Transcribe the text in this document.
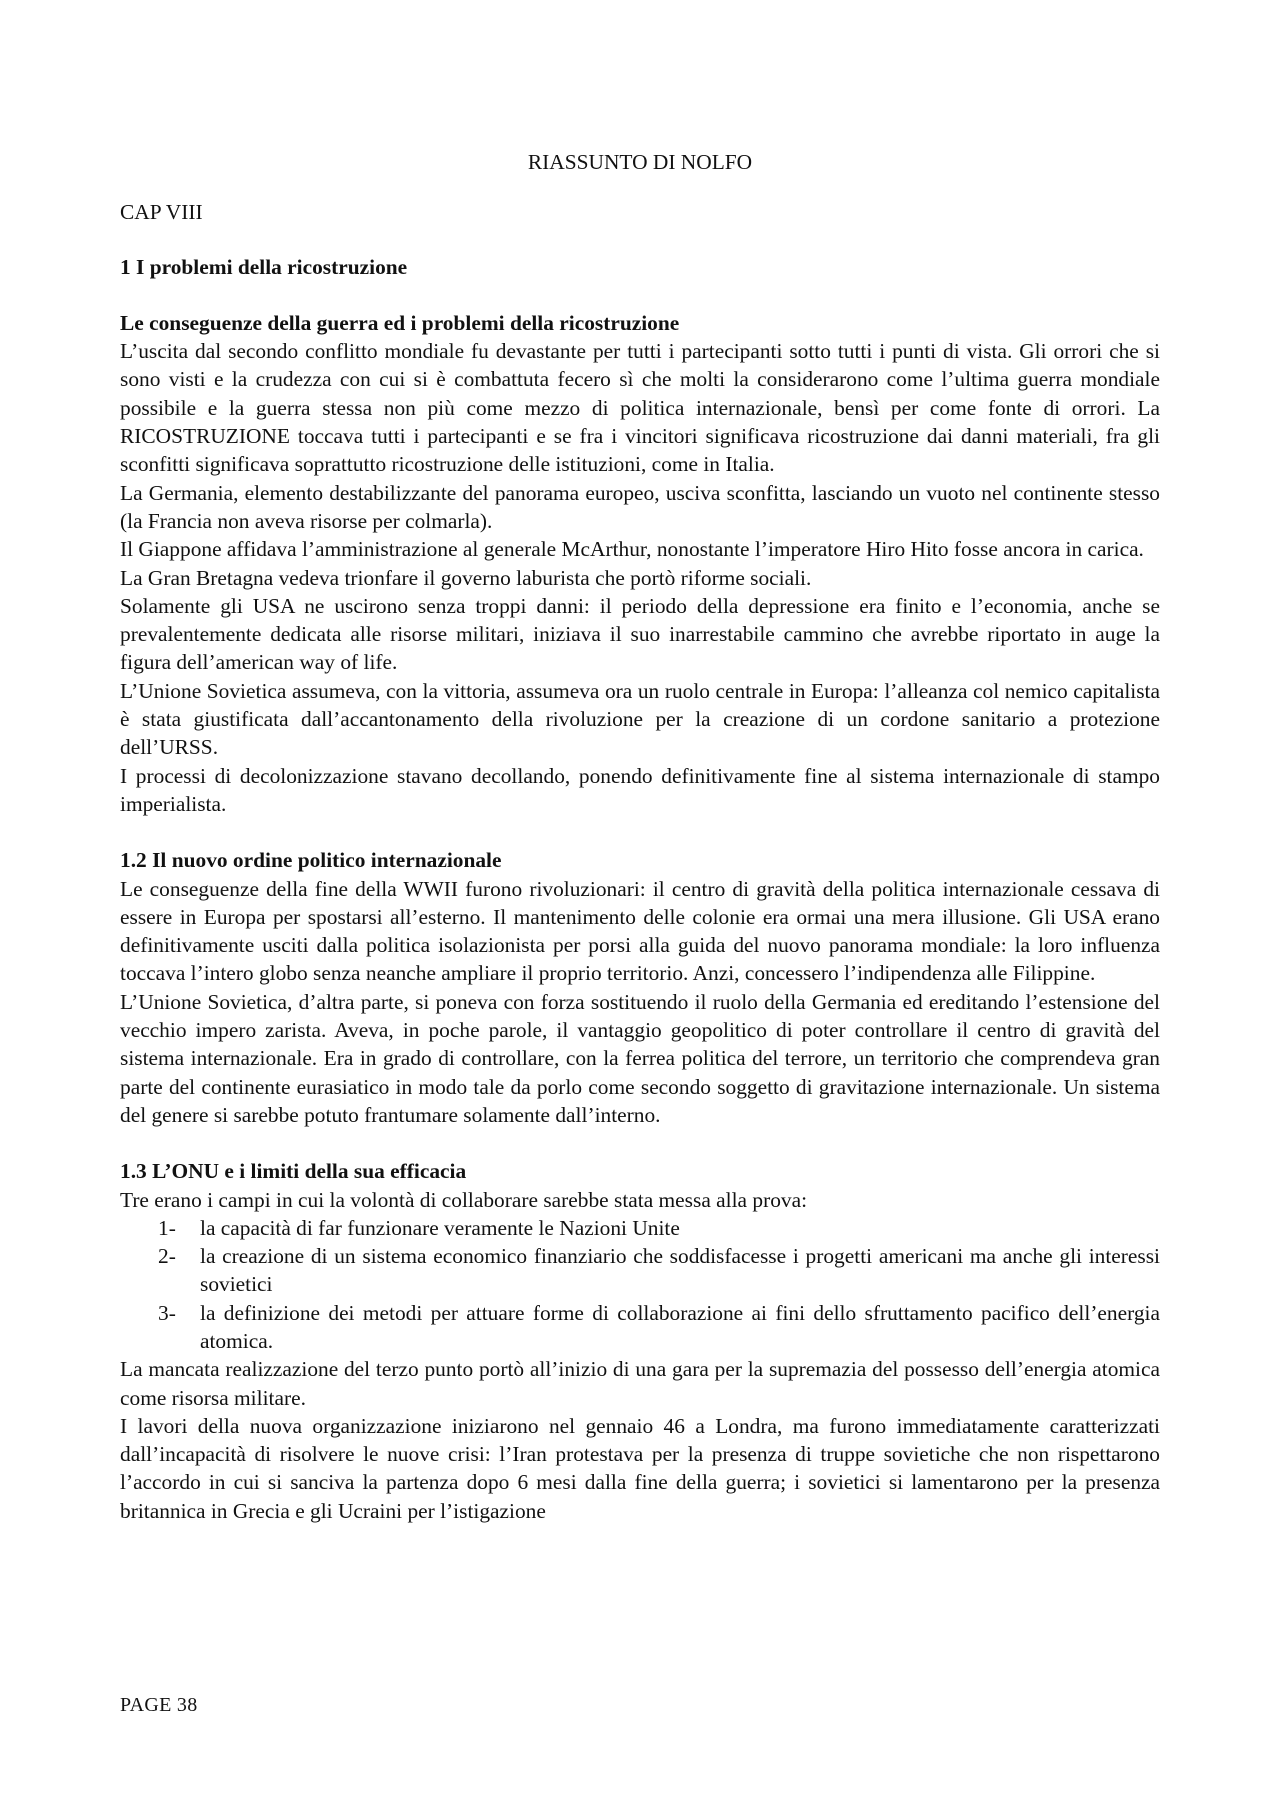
RIASSUNTO DI NOLFO
CAP VIII
1 I problemi della ricostruzione
Le conseguenze della guerra ed i problemi della ricostruzione

L’uscita dal secondo conflitto mondiale fu devastante per tutti i partecipanti sotto tutti i punti di vista. Gli orrori che si sono visti e la crudezza con cui si è combattuta fecero sì che molti la considerarono come l’ultima guerra mondiale possibile e la guerra stessa non più come mezzo di politica internazionale, bensì per come fonte di orrori. La RICOSTRUZIONE toccava tutti i partecipanti e se fra i vincitori significava ricostruzione dai danni materiali, fra gli sconfitti significava soprattutto ricostruzione delle istituzioni, come in Italia.

La Germania, elemento destabilizzante del panorama europeo, usciva sconfitta, lasciando un vuoto nel continente stesso (la Francia non aveva risorse per colmarla).

Il Giappone affidava l’amministrazione al generale McArthur, nonostante l’imperatore Hiro Hito fosse ancora in carica.

La Gran Bretagna vedeva trionfare il governo laburista che portò riforme sociali.

Solamente gli USA ne uscirono senza troppi danni: il periodo della depressione era finito e l’economia, anche se prevalentemente dedicata alle risorse militari, iniziava il suo inarrestabile cammino che avrebbe riportato in auge la figura dell’american way of life.

L’Unione Sovietica assumeva, con la vittoria, assumeva ora un ruolo centrale in Europa: l’alleanza col nemico capitalista è stata giustificata dall’accantonamento della rivoluzione per la creazione di un cordone sanitario a protezione dell’URSS.

I processi di decolonizzazione stavano decollando, ponendo definitivamente fine al sistema internazionale di stampo imperialista.

1.2 Il nuovo ordine politico internazionale

Le conseguenze della fine della WWII furono rivoluzionari: il centro di gravità della politica internazionale cessava di essere in Europa per spostarsi all’esterno. Il mantenimento delle colonie era ormai una mera illusione. Gli USA erano definitivamente usciti dalla politica isolazionista per porsi alla guida del nuovo panorama mondiale: la loro influenza toccava l’intero globo senza neanche ampliare il proprio territorio. Anzi, concessero l’indipendenza alle Filippine.

L’Unione Sovietica, d’altra parte, si poneva con forza sostituendo il ruolo della Germania ed ereditando l’estensione del vecchio impero zarista. Aveva, in poche parole, il vantaggio geopolitico di poter controllare il centro di gravità del sistema internazionale. Era in grado di controllare, con la ferrea politica del terrore, un territorio che comprendeva gran parte del continente eurasiatico in modo tale da porlo come secondo soggetto di gravitazione internazionale. Un sistema del genere si sarebbe potuto frantumare solamente dall’interno.

1.3 L’ONU e i limiti della sua efficacia

Tre erano i campi in cui la volontà di collaborare sarebbe stata messa alla prova:

1- la capacità di far funzionare veramente le Nazioni Unite
2- la creazione di un sistema economico finanziario che soddisfacesse i progetti americani ma anche gli interessi sovietici
3- la definizione dei metodi per attuare forme di collaborazione ai fini dello sfruttamento pacifico dell’energia atomica.

La mancata realizzazione del terzo punto portò all’inizio di una gara per la supremazia del possesso dell’energia atomica come risorsa militare.

I lavori della nuova organizzazione iniziarono nel gennaio 46 a Londra, ma furono immediatamente caratterizzati dall’incapacità di risolvere le nuove crisi: l’Iran protestava per la presenza di truppe sovietiche che non rispettarono l’accordo in cui si sanciva la partenza dopo 6 mesi dalla fine della guerra; i sovietici si lamentarono per la presenza britannica in Grecia e gli Ucraini per l’istigazione

PAGE 38
